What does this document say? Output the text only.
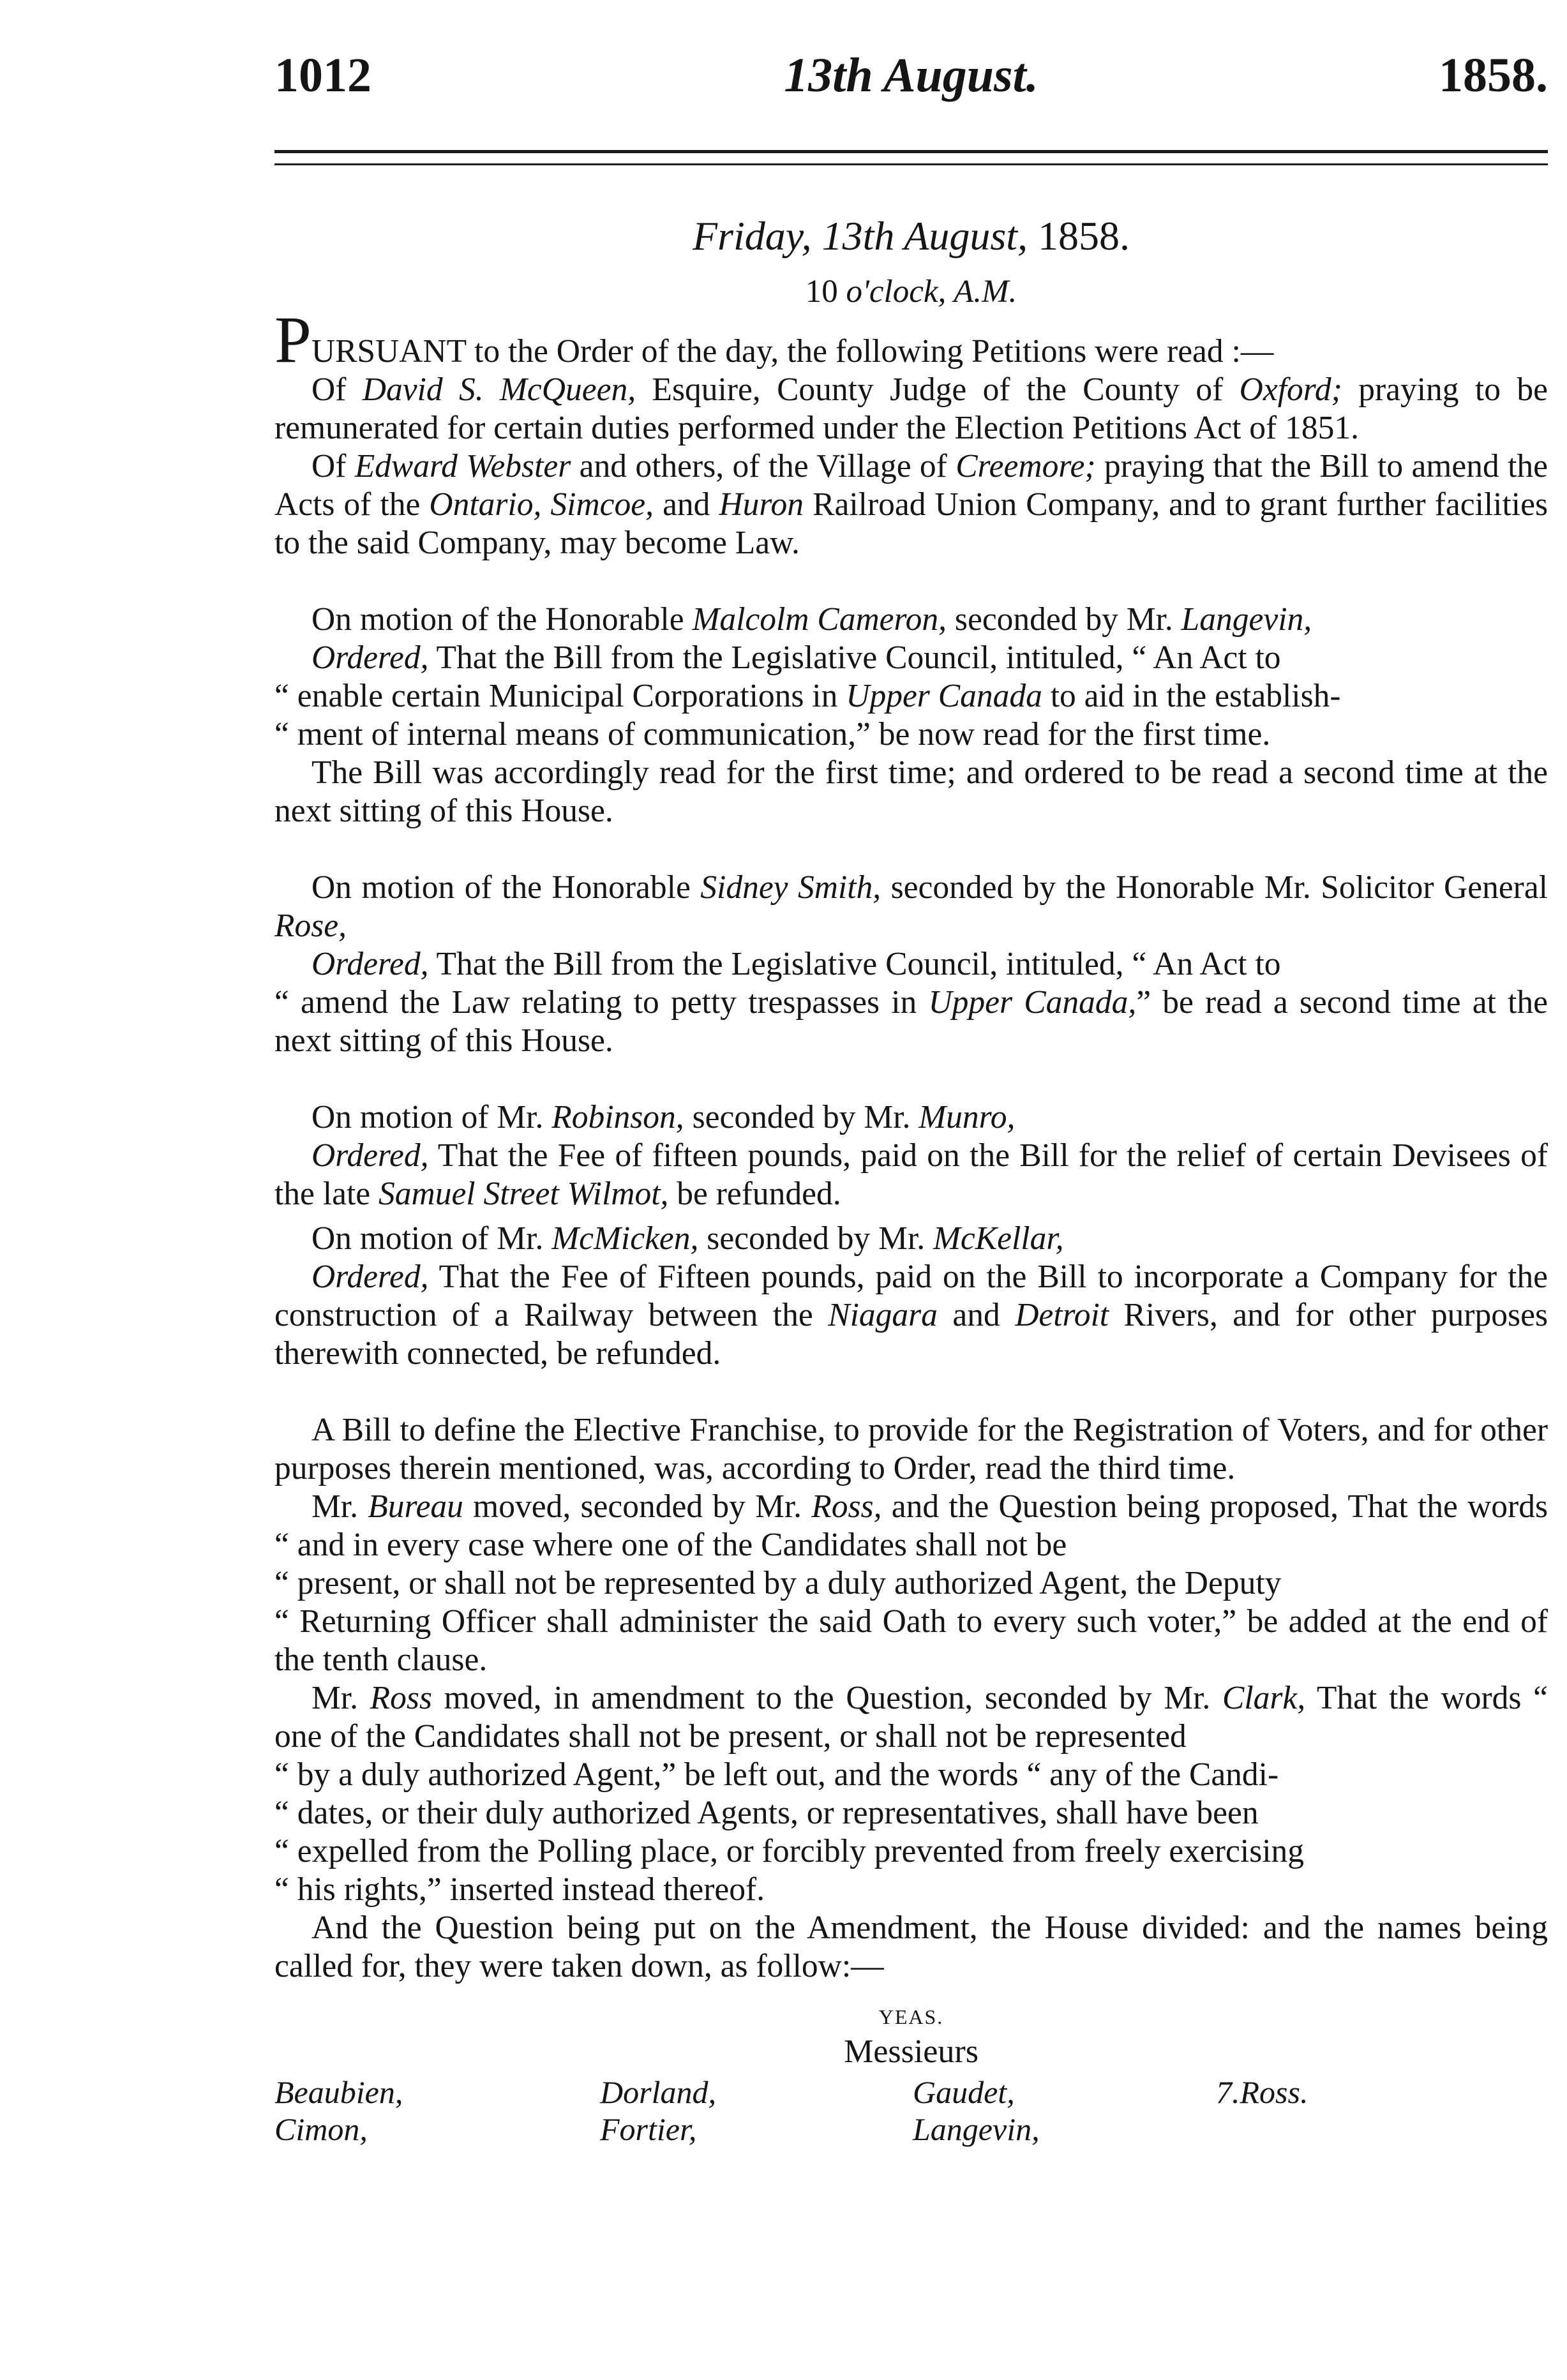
1012	13th August.	1858.
Friday, 13th August, 1858.
10 o'clock, A.M.

PURSUANT to the Order of the day, the following Petitions were read :—

Of David S. McQueen, Esquire, County Judge of the County of Oxford; praying to be remunerated for certain duties performed under the Election Petitions Act of 1851.

Of Edward Webster and others, of the Village of Creemore; praying that the Bill to amend the Acts of the Ontario, Simcoe, and Huron Railroad Union Company, and to grant further facilities to the said Company, may become Law.

On motion of the Honorable Malcolm Cameron, seconded by Mr. Langevin,

Ordered, That the Bill from the Legislative Council, intituled, “ An Act to

“ enable certain Municipal Corporations in Upper Canada to aid in the establish-

“ ment of internal means of communication,” be now read for the first time.

The Bill was accordingly read for the first time; and ordered to be read a second time at the next sitting of this House.

On motion of the Honorable Sidney Smith, seconded by the Honorable Mr. Solicitor General Rose,

Ordered, That the Bill from the Legislative Council, intituled, “ An Act to

“ amend the Law relating to petty trespasses in Upper Canada,” be read a second time at the next sitting of this House.

On motion of Mr. Robinson, seconded by Mr. Munro,

Ordered, That the Fee of fifteen pounds, paid on the Bill for the relief of certain Devisees of the late Samuel Street Wilmot, be refunded.

On motion of Mr. McMicken, seconded by Mr. McKellar,

Ordered, That the Fee of Fifteen pounds, paid on the Bill to incorporate a Company for the construction of a Railway between the Niagara and Detroit Rivers, and for other purposes therewith connected, be refunded.

A Bill to define the Elective Franchise, to provide for the Registration of Voters, and for other purposes therein mentioned, was, according to Order, read the third time.

Mr. Bureau moved, seconded by Mr. Ross, and the Question being proposed, That the words “ and in every case where one of the Candidates shall not be

“ present, or shall not be represented by a duly authorized Agent, the Deputy

“ Returning Officer shall administer the said Oath to every such voter,” be added at the end of the tenth clause.

Mr. Ross moved, in amendment to the Question, seconded by Mr. Clark, That the words “ one of the Candidates shall not be present, or shall not be represented

“ by a duly authorized Agent,” be left out, and the words “ any of the Candi-

“ dates, or their duly authorized Agents, or representatives, shall have been

“ expelled from the Polling place, or forcibly prevented from freely exercising

“ his rights,” inserted instead thereof.

And the Question being put on the Amendment, the House divided: and the names being called for, they were taken down, as follow:—

YEAS.
Messieurs
Beaubien,
Cimon,
Dorland,
Fortier,
Gaudet,
Langevin,
7.Ross.
